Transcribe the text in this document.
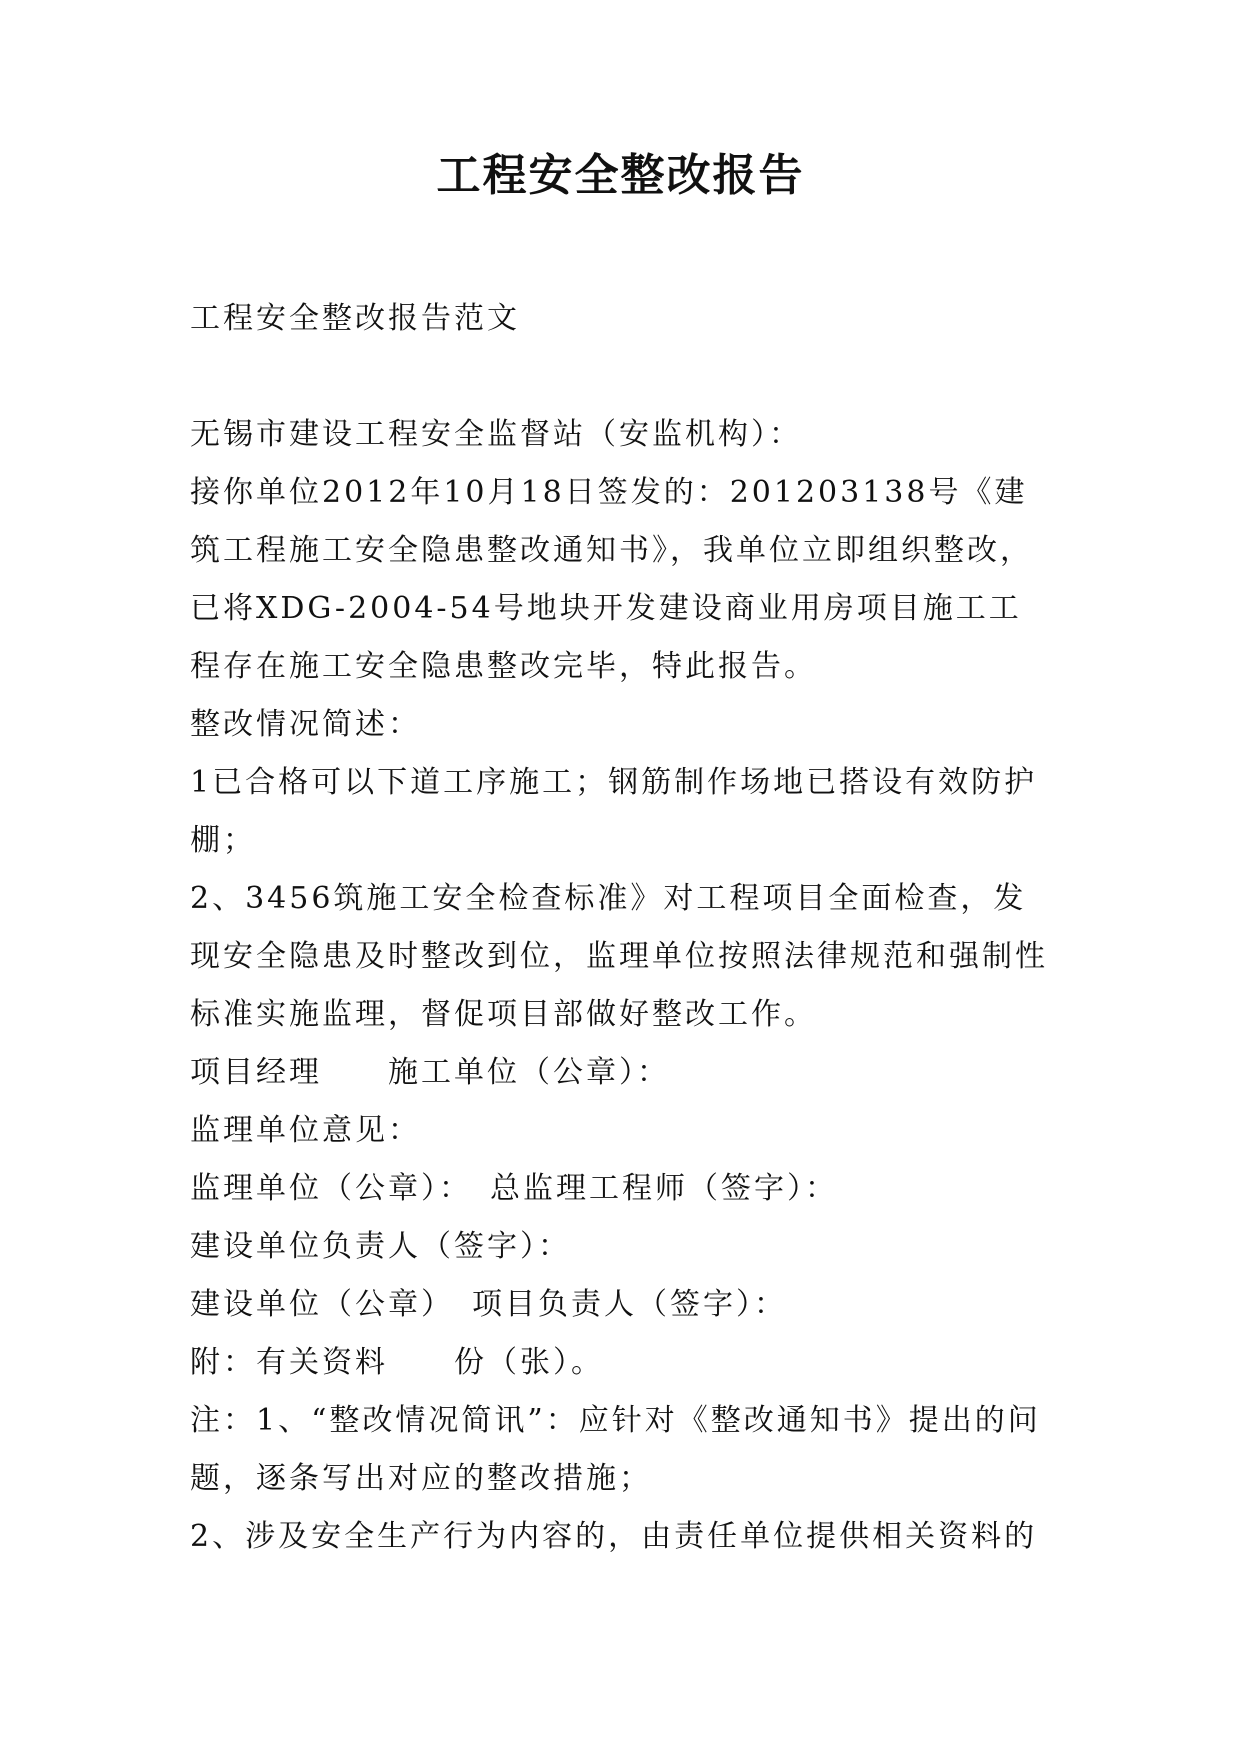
工程安全整改报告

工程安全整改报告范文

无锡市建设工程安全监督站（安监机构）：

接你单位2012年10月18日签发的：201203138号《建筑工程施工安全隐患整改通知书》，我单位立即组织整改，已将XDG-2004-54号地块开发建设商业用房项目施工工程存在施工安全隐患整改完毕，特此报告。

整改情况简述：

1已合格可以下道工序施工；钢筋制作场地已搭设有效防护棚；

2、3456筑施工安全检查标准》对工程项目全面检查，发现安全隐患及时整改到位，监理单位按照法律规范和强制性标准实施监理，督促项目部做好整改工作。

项目经理　　施工单位（公章）：

监理单位意见：

监理单位（公章）：　总监理工程师（签字）：

建设单位负责人（签字）：

建设单位（公章）　项目负责人（签字）：

附：有关资料　　份（张）。

注：1、“整改情况简讯”：应针对《整改通知书》提出的问题，逐条写出对应的整改措施；

2、涉及安全生产行为内容的，由责任单位提供相关资料的
